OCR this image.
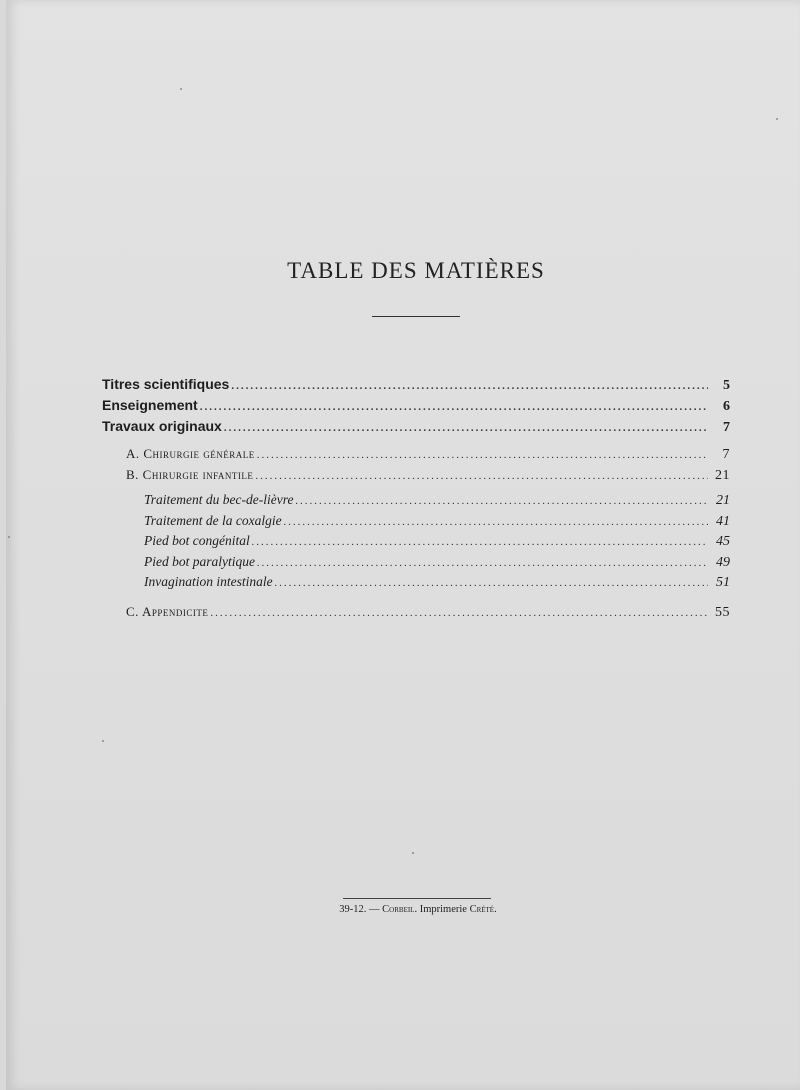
TABLE DES MATIÈRES
Titres scientifiques .....	5
Enseignement .....	6
Travaux originaux .....	7
A. Chirurgie générale .....	7
B. Chirurgie infantile .....	21
Traitement du bec-de-lièvre .....	21
Traitement de la coxalgie .....	41
Pied bot congénital .....	45
Pied bot paralytique .....	49
Invagination intestinale .....	51
C. Appendicite .....	55
39-12. — Corbeil. Imprimerie Crété.
